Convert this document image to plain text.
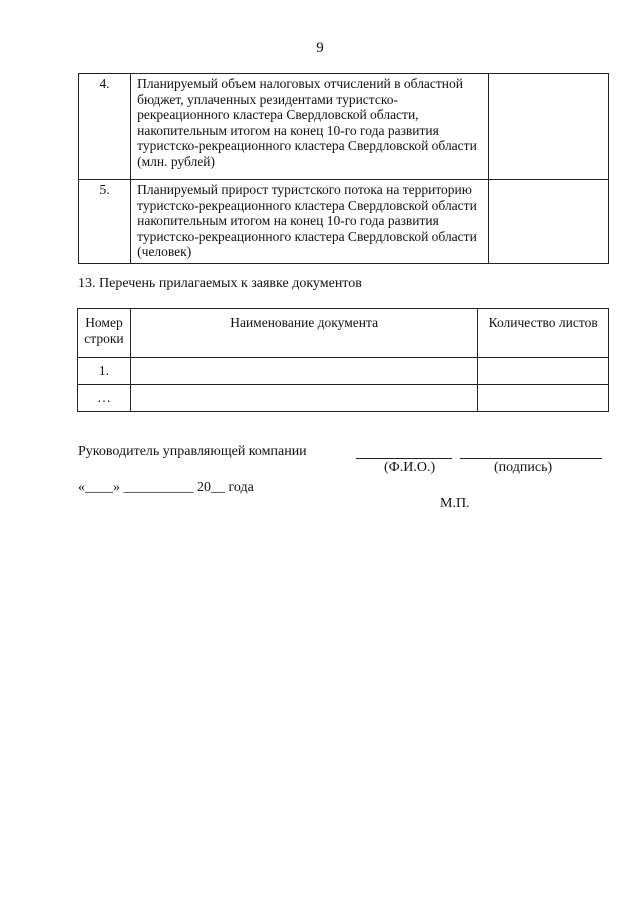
9
4.	Планируемый объем налоговых отчислений в областной бюджет, уплаченных резидентами туристско-рекреационного кластера Свердловской области, накопительным итогом на конец 10-го года развития туристско-рекреационного кластера Свердловской области (млн. рублей)	
5.	Планируемый прирост туристского потока на территорию туристско-рекреационного кластера Свердловской области накопительным итогом на конец 10-го года развития туристско-рекреационного кластера Свердловской области (человек)	
13. Перечень прилагаемых к заявке документов
Номер строки	Наименование документа	Количество листов
1.		
…		
Руководитель управляющей компании
(Ф.И.О.)	(подпись)
«____» __________ 20__ года
М.П.
